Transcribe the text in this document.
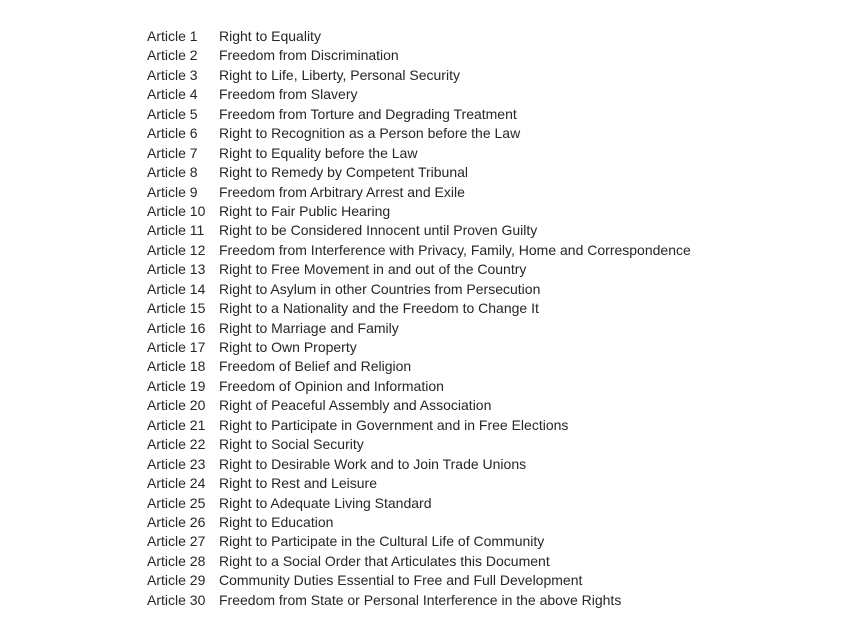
Article 1	Right to Equality
Article 2	Freedom from Discrimination
Article 3	Right to Life, Liberty, Personal Security
Article 4	Freedom from Slavery
Article 5	Freedom from Torture and Degrading Treatment
Article 6	Right to Recognition as a Person before the Law
Article 7	Right to Equality before the Law
Article 8	Right to Remedy by Competent Tribunal
Article 9	Freedom from Arbitrary Arrest and Exile
Article 10 Right to Fair Public Hearing
Article 11	Right to be Considered Innocent until Proven Guilty
Article 12 Freedom from Interference with Privacy, Family, Home and Correspondence
Article 13 Right to Free Movement in and out of the Country
Article 14 Right to Asylum in other Countries from Persecution
Article 15 Right to a Nationality and the Freedom to Change It
Article 16 Right to Marriage and Family
Article 17 Right to Own Property
Article 18 Freedom of Belief and Religion
Article 19 Freedom of Opinion and Information
Article 20 Right of Peaceful Assembly and Association
Article 21 Right to Participate in Government and in Free Elections
Article 22 Right to Social Security
Article 23 Right to Desirable Work and to Join Trade Unions
Article 24 Right to Rest and Leisure
Article 25 Right to Adequate Living Standard
Article 26 Right to Education
Article 27 Right to Participate in the Cultural Life of Community
Article 28 Right to a Social Order that Articulates this Document
Article 29 Community Duties Essential to Free and Full Development
Article 30 Freedom from State or Personal Interference in the above Rights
